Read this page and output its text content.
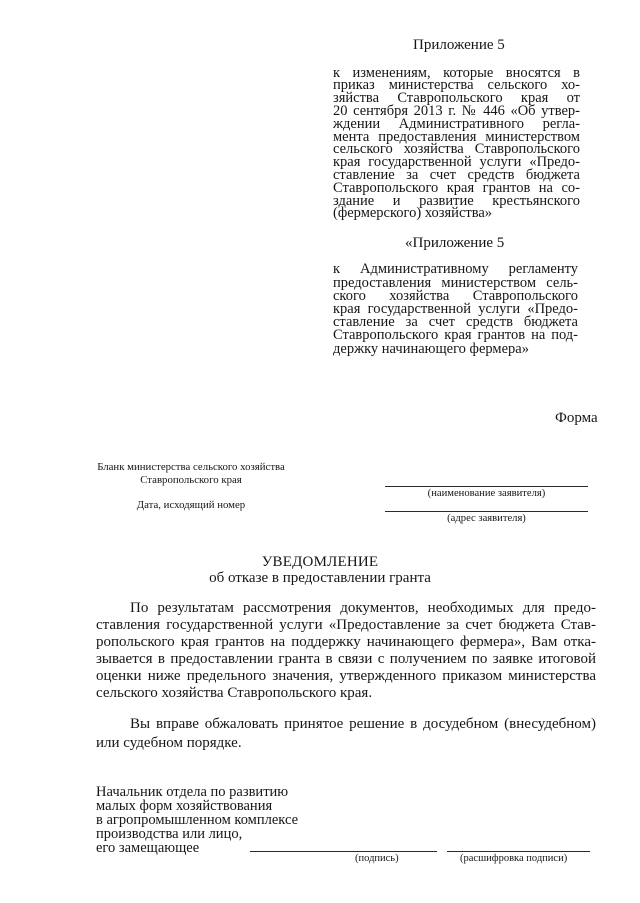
Приложение 5
к изменениям, которые вносятся в
приказ министерства сельского хо-
зяйства Ставропольского края от
20 сентября 2013 г. № 446 «Об утвер-
ждении Административного регла-
мента предоставления министерством
сельского хозяйства Ставропольского
края государственной услуги «Предо-
ставление за счет средств бюджета
Ставропольского края грантов на со-
здание и развитие крестьянского
(фермерского) хозяйства»
«Приложение 5
к Административному регламенту
предоставления министерством сель-
ского хозяйства Ставропольского
края государственной услуги «Предо-
ставление за счет средств бюджета
Ставропольского края грантов на под-
держку начинающего фермера»
Форма
Бланк министерства сельского хозяйства
Ставропольского края
Дата, исходящий номер
(наименование заявителя)
(адрес заявителя)
УВЕДОМЛЕНИЕ
об отказе в предоставлении гранта
По результатам рассмотрения документов, необходимых для предо-
ставления государственной услуги «Предоставление за счет бюджета Став-
ропольского края грантов на поддержку начинающего фермера», Вам отка-
зывается в предоставлении гранта в связи с получением по заявке итоговой
оценки ниже предельного значения, утвержденного приказом министерства
сельского хозяйства Ставропольского края.
Вы вправе обжаловать принятое решение в досудебном (внесудебном)
или судебном порядке.
Начальник отдела по развитию
малых форм хозяйствования
в агропромышленном комплексе
производства или лицо,
его замещающее
(подпись)	(расшифровка подписи)
